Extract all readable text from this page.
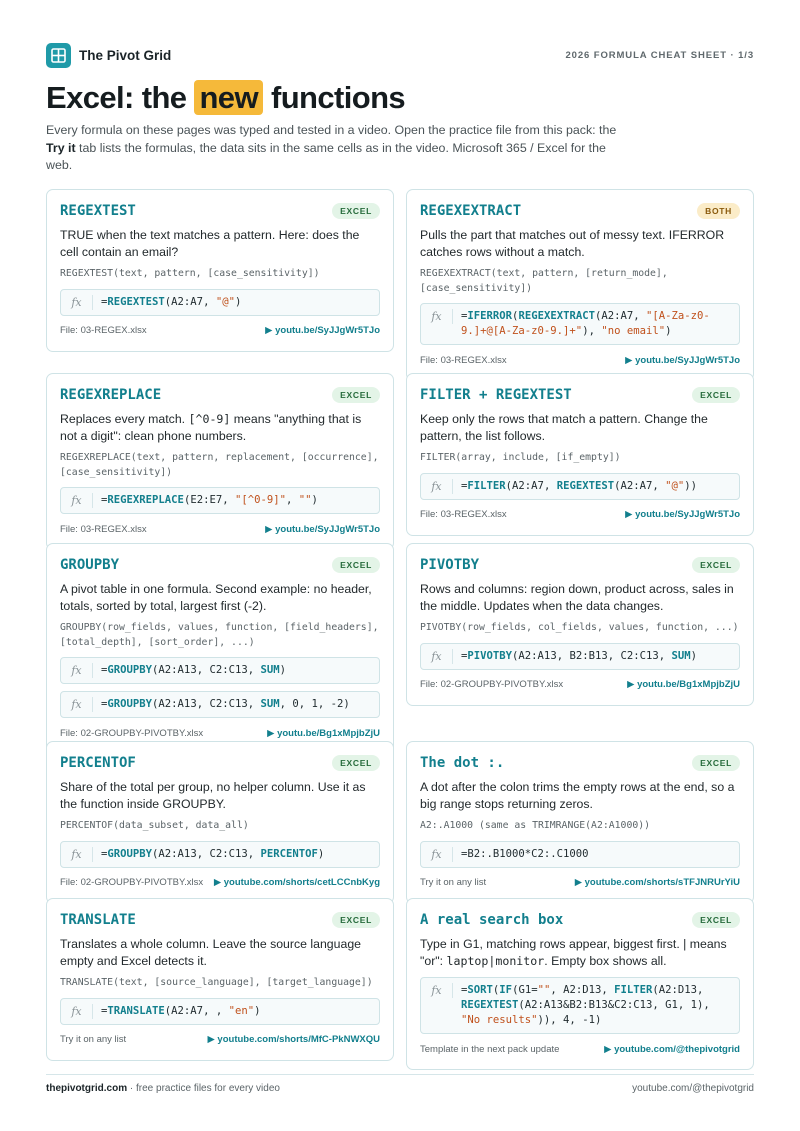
The Pivot Grid	2026 FORMULA CHEAT SHEET · 1/3
Excel: the new functions

Every formula on these pages was typed and tested in a video. Open the practice file from this pack: the Try it tab lists the formulas, the data sits in the same cells as in the video. Microsoft 365 / Excel for the web.

REGEXTEST	EXCEL

TRUE when the text matches a pattern. Here: does the cell contain an email?

REGEXTEST(text, pattern, [case_sensitivity])
fx	=REGEXTEST(A2:A7, "@")
File: 03-REGEX.xlsx	▶ youtu.be/SyJJgWr5TJo
REGEXEXTRACT	BOTH

Pulls the part that matches out of messy text. IFERROR catches rows without a match.

REGEXEXTRACT(text, pattern, [return_mode], [case_sensitivity])
fx	=IFERROR(REGEXEXTRACT(A2:A7, "[A-Za-z0-9.]+@[A-Za-z0-9.]+"), "no email")
File: 03-REGEX.xlsx	▶ youtu.be/SyJJgWr5TJo
REGEXREPLACE	EXCEL

Replaces every match. [^0-9] means "anything that is not a digit": clean phone numbers.

REGEXREPLACE(text, pattern, replacement, [occurrence], [case_sensitivity])
fx	=REGEXREPLACE(E2:E7, "[^0-9]", "")
File: 03-REGEX.xlsx	▶ youtu.be/SyJJgWr5TJo
FILTER + REGEXTEST	EXCEL

Keep only the rows that match a pattern. Change the pattern, the list follows.

FILTER(array, include, [if_empty])
fx	=FILTER(A2:A7, REGEXTEST(A2:A7, "@"))
File: 03-REGEX.xlsx	▶ youtu.be/SyJJgWr5TJo
GROUPBY	EXCEL

A pivot table in one formula. Second example: no header, totals, sorted by total, largest first (-2).

GROUPBY(row_fields, values, function, [field_headers], [total_depth], [sort_order], ...)
fx	=GROUPBY(A2:A13, C2:C13, SUM)
fx	=GROUPBY(A2:A13, C2:C13, SUM, 0, 1, -2)
File: 02-GROUPBY-PIVOTBY.xlsx	▶ youtu.be/Bg1xMpjbZjU
PIVOTBY	EXCEL

Rows and columns: region down, product across, sales in the middle. Updates when the data changes.

PIVOTBY(row_fields, col_fields, values, function, ...)
fx	=PIVOTBY(A2:A13, B2:B13, C2:C13, SUM)
File: 02-GROUPBY-PIVOTBY.xlsx	▶ youtu.be/Bg1xMpjbZjU
PERCENTOF	EXCEL

Share of the total per group, no helper column. Use it as the function inside GROUPBY.

PERCENTOF(data_subset, data_all)
fx	=GROUPBY(A2:A13, C2:C13, PERCENTOF)
File: 02-GROUPBY-PIVOTBY.xlsx ▶ youtube.com/shorts/cetLCCnbKyg
The dot :.	EXCEL

A dot after the colon trims the empty rows at the end, so a big range stops returning zeros.

A2:.A1000 (same as TRIMRANGE(A2:A1000))
fx	=B2:.B1000*C2:.C1000
Try it on any list	▶ youtube.com/shorts/sTFJNRUrYiU
TRANSLATE	EXCEL

Translates a whole column. Leave the source language empty and Excel detects it.

TRANSLATE(text, [source_language], [target_language])
fx	=TRANSLATE(A2:A7, , "en")
Try it on any list	▶ youtube.com/shorts/MfC-PkNWXQU
A real search box	EXCEL

Type in G1, matching rows appear, biggest first. | means "or": laptop|monitor. Empty box shows all.

fx	=SORT(IF(G1="", A2:D13, FILTER(A2:D13, REGEXTEST(A2:A13&B2:B13&C2:C13, G1, 1), "No results")), 4, -1)
Template in the next pack update	▶ youtube.com/@thepivotgrid
thepivotgrid.com · free practice files for every video	youtube.com/@thepivotgrid
